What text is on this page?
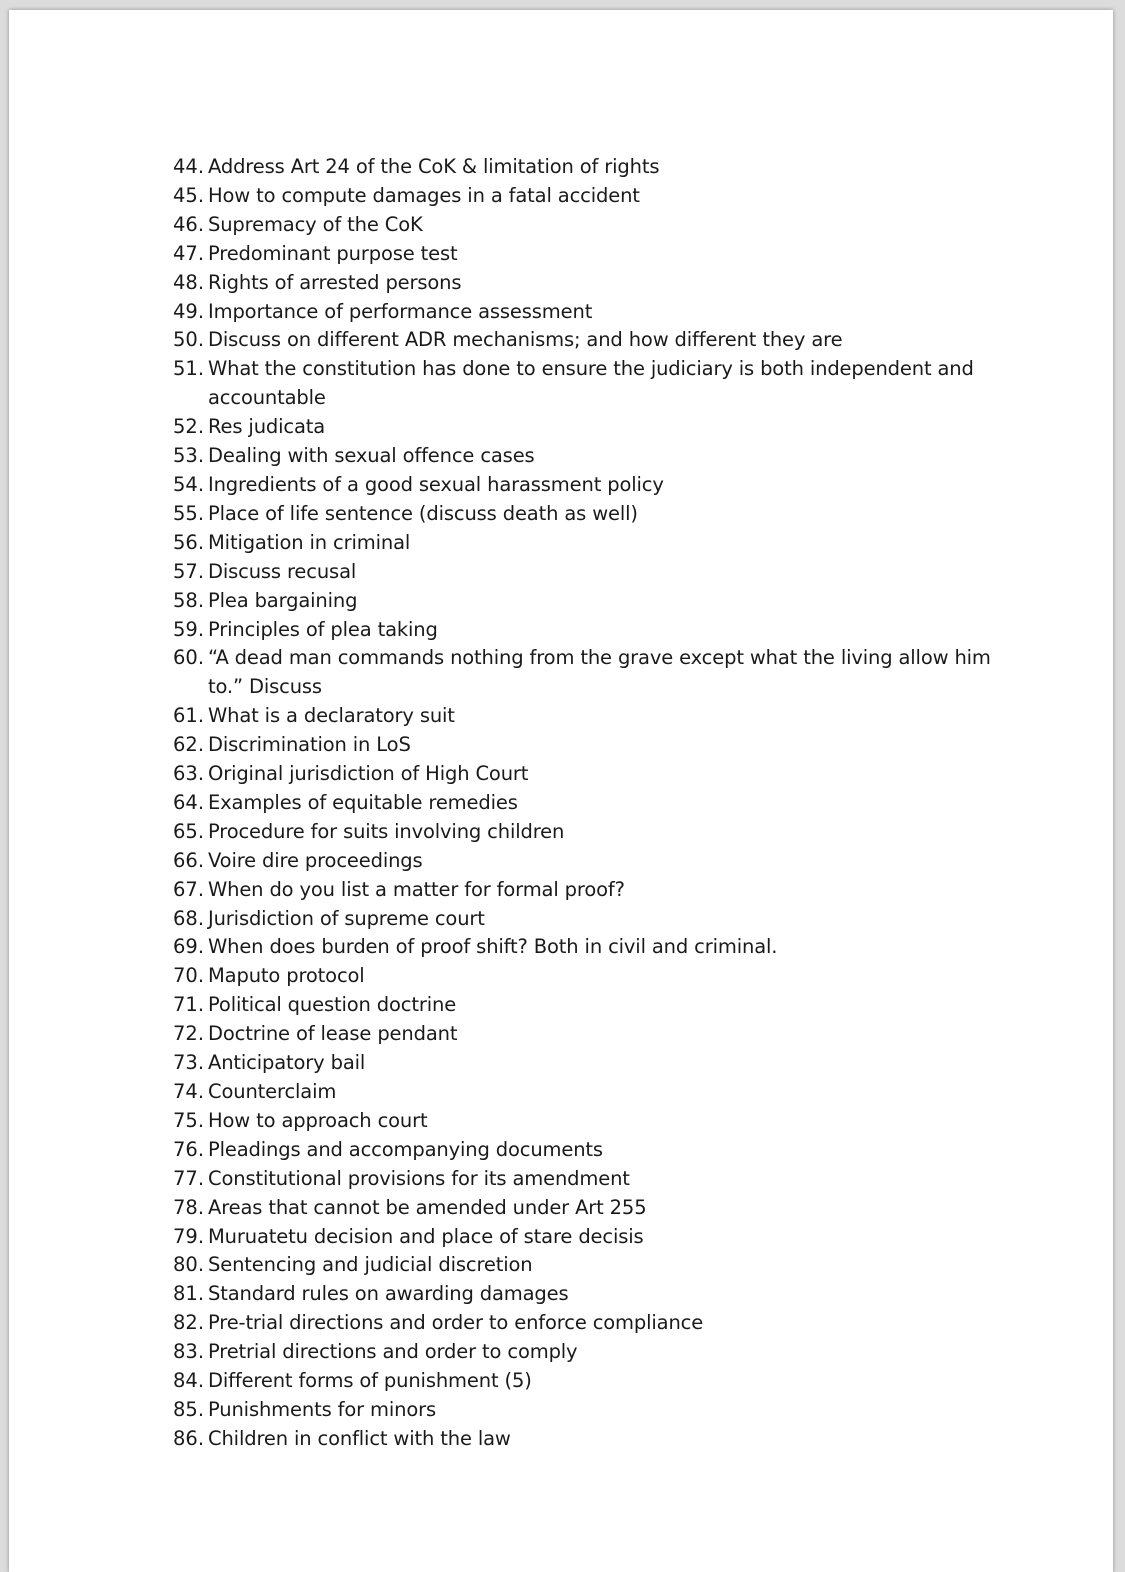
44. Address Art 24 of the CoK & limitation of rights
45. How to compute damages in a fatal accident
46. Supremacy of the CoK
47. Predominant purpose test
48. Rights of arrested persons
49. Importance of performance assessment
50. Discuss on different ADR mechanisms; and how different they are
51. What the constitution has done to ensure the judiciary is both independent and accountable
52. Res judicata
53. Dealing with sexual offence cases
54. Ingredients of a good sexual harassment policy
55. Place of life sentence (discuss death as well)
56. Mitigation in criminal
57. Discuss recusal
58. Plea bargaining
59. Principles of plea taking
60. “A dead man commands nothing from the grave except what the living allow him to.” Discuss
61. What is a declaratory suit
62. Discrimination in LoS
63. Original jurisdiction of High Court
64. Examples of equitable remedies
65. Procedure for suits involving children
66. Voire dire proceedings
67. When do you list a matter for formal proof?
68. Jurisdiction of supreme court
69. When does burden of proof shift? Both in civil and criminal.
70. Maputo protocol
71. Political question doctrine
72. Doctrine of lease pendant
73. Anticipatory bail
74. Counterclaim
75. How to approach court
76. Pleadings and accompanying documents
77. Constitutional provisions for its amendment
78. Areas that cannot be amended under Art 255
79. Muruatetu decision and place of stare decisis
80. Sentencing and judicial discretion
81. Standard rules on awarding damages
82. Pre-trial directions and order to enforce compliance
83. Pretrial directions and order to comply
84. Different forms of punishment (5)
85. Punishments for minors
86. Children in conflict with the law
